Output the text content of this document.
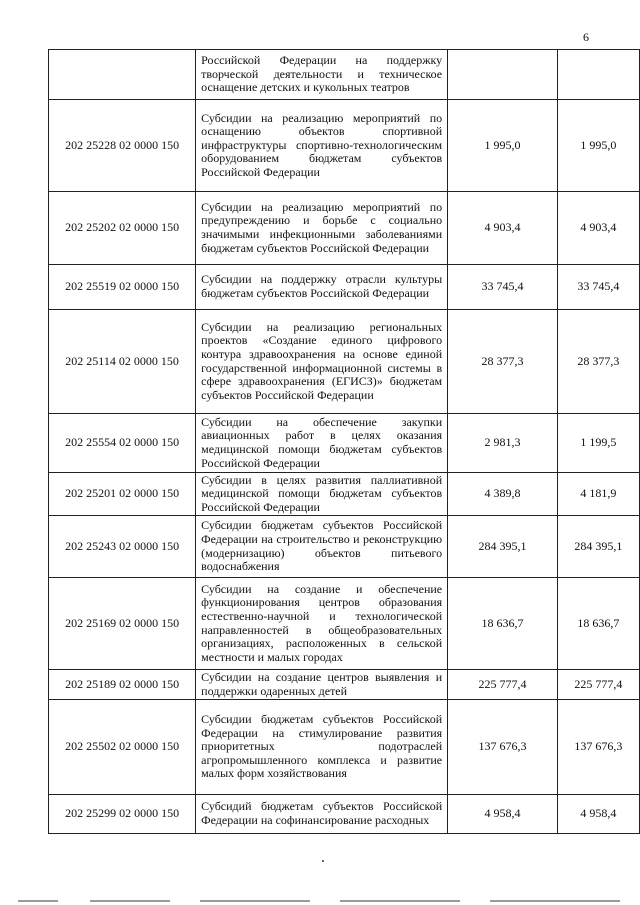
6

	Российской Федерации на поддержку творческой деятельности и техническое оснащение детских и кукольных театров		

202 25228 02 0000 150	Субсидии на реализацию мероприятий по оснащению объектов спортивной инфраструктуры спортивно-технологическим оборудованием бюджетам субъектов Российской Федерации	1 995,0	1 995,0
202 25202 02 0000 150	Субсидии на реализацию мероприятий по предупреждению и борьбе с социально значимыми инфекционными заболеваниями бюджетам субъектов Российской Федерации	4 903,4	4 903,4
202 25519 02 0000 150	Субсидии на поддержку отрасли культуры бюджетам субъектов Российской Федерации	33 745,4	33 745,4
202 25114 02 0000 150	Субсидии на реализацию региональных проектов «Создание единого цифрового контура здравоохранения на основе единой государственной информационной системы в сфере здравоохранения (ЕГИСЗ)» бюджетам субъектов Российской Федерации	28 377,3	28 377,3
202 25554 02 0000 150	Субсидии на обеспечение закупки авиационных работ в целях оказания медицинской помощи бюджетам субъектов Российской Федерации	2 981,3	1 199,5
202 25201 02 0000 150	Субсидии в целях развития паллиативной медицинской помощи бюджетам субъектов Российской Федерации	4 389,8	4 181,9
202 25243 02 0000 150	Субсидии бюджетам субъектов Российской Федерации на строительство и реконструкцию (модернизацию) объектов питьевого водоснабжения	284 395,1	284 395,1
202 25169 02 0000 150	Субсидии на создание и обеспечение функционирования центров образования естественно-научной и технологической направленностей в общеобразовательных организациях, расположенных в сельской местности и малых городах	18 636,7	18 636,7
202 25189 02 0000 150	Субсидии на создание центров выявления и поддержки одаренных детей	225 777,4	225 777,4
202 25502 02 0000 150	Субсидии бюджетам субъектов Российской Федерации на стимулирование развития приоритетных подотраслей агропромышленного комплекса и развитие малых форм хозяйствования	137 676,3	137 676,3
202 25299 02 0000 150	Субсидий бюджетам субъектов Российской Федерации на софинансирование расходных	4 958,4	4 958,4
